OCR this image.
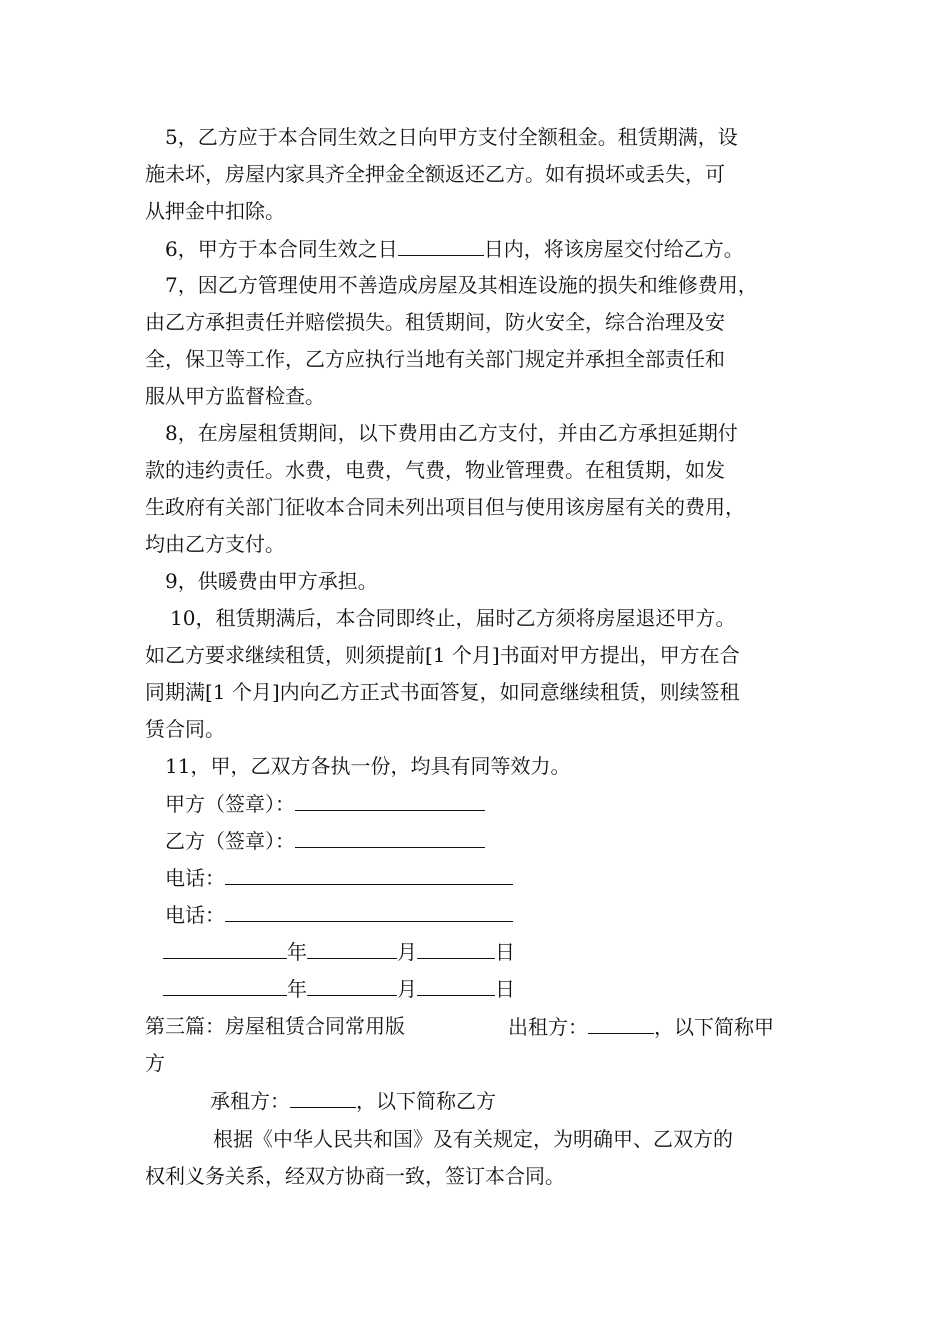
5，乙方应于本合同生效之日向甲方支付全额租金。租赁期满，设
施未坏，房屋内家具齐全押金全额返还乙方。如有损坏或丢失，可
从押金中扣除。
6，甲方于本合同生效之日	日内，将该房屋交付给乙方。
7，因乙方管理使用不善造成房屋及其相连设施的损失和维修费用，
由乙方承担责任并赔偿损失。租赁期间，防火安全，综合治理及安
全，保卫等工作，乙方应执行当地有关部门规定并承担全部责任和
服从甲方监督检查。
8，在房屋租赁期间，以下费用由乙方支付，并由乙方承担延期付
款的违约责任。水费，电费，气费，物业管理费。在租赁期，如发
生政府有关部门征收本合同未列出项目但与使用该房屋有关的费用，
均由乙方支付。
9，供暖费由甲方承担。
10，租赁期满后，本合同即终止，届时乙方须将房屋退还甲方。
如乙方要求继续租赁，则须提前[1 个月]书面对甲方提出，甲方在合
同期满[1 个月]内向乙方正式书面答复，如同意继续租赁，则续签租
赁合同。
11，甲，乙双方各执一份，均具有同等效力。
甲方（签章）：
乙方（签章）：
电话：
电话：
年	月	日
年	月	日
第三篇：房屋租赁合同常用版	出租方：	，以下简称甲
方
承租方：	，以下简称乙方
根据《中华人民共和国》及有关规定，为明确甲、乙双方的
权利义务关系，经双方协商一致，签订本合同。
